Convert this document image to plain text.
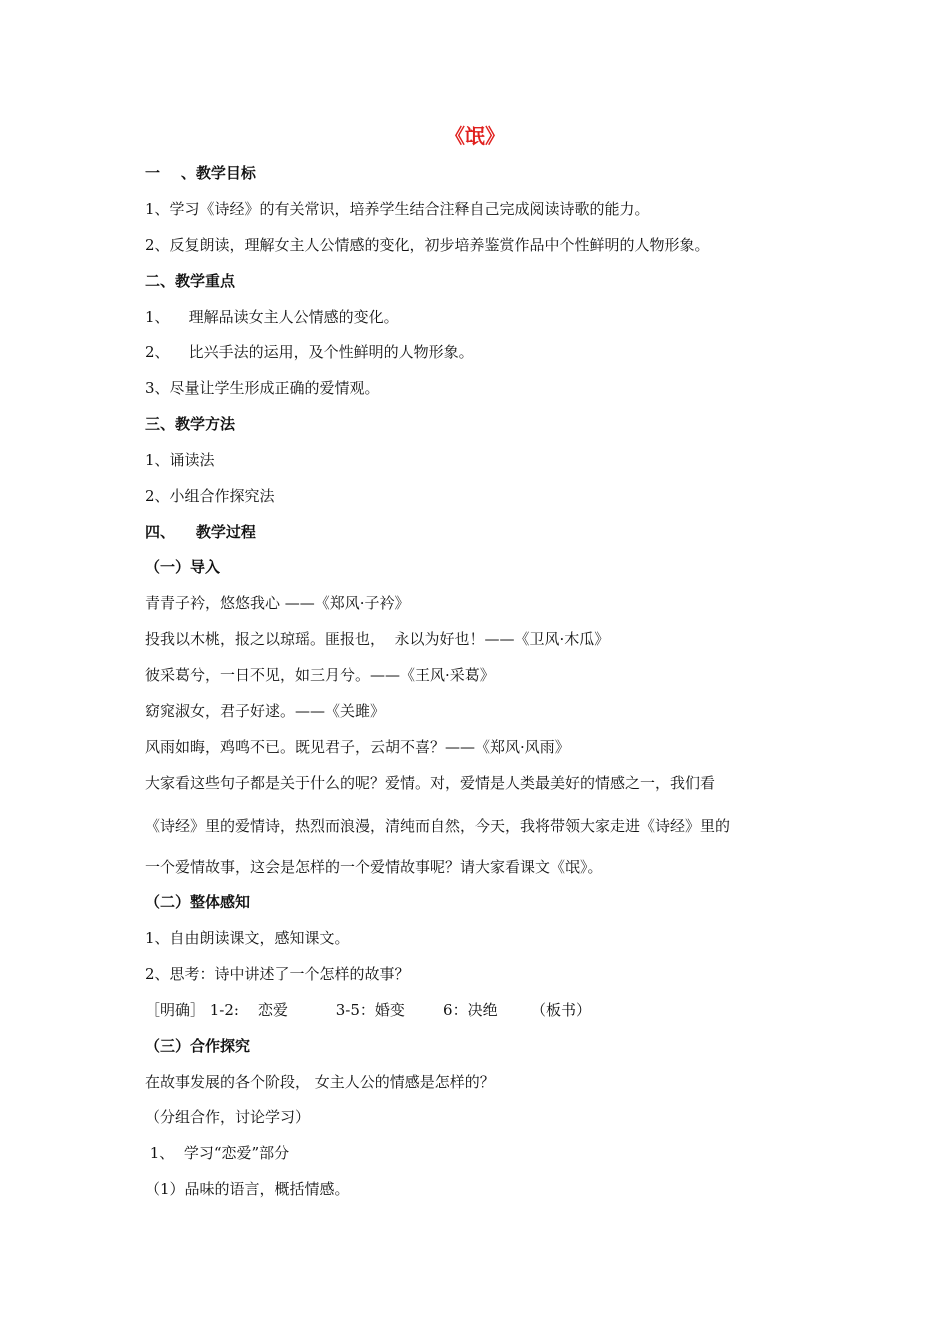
《氓》
一    、教学目标
1、学习《诗经》的有关常识，培养学生结合注释自己完成阅读诗歌的能力。
2、反复朗读，理解女主人公情感的变化，初步培养鉴赏作品中个性鲜明的人物形象。
二、教学重点
1、    理解品读女主人公情感的变化。
2、    比兴手法的运用，及个性鲜明的人物形象。
3、尽量让学生形成正确的爱情观。
三、教学方法
1、诵读法
2、小组合作探究法
四、    教学过程
（一）导入
青青子衿，悠悠我心 ——《郑风·子衿》
投我以木桃，报之以琼瑶。匪报也，  永以为好也！——《卫风·木瓜》
彼采葛兮，一日不见，如三月兮。——《王风·采葛》
窈窕淑女，君子好逑。——《关雎》
风雨如晦，鸡鸣不已。既见君子，云胡不喜？——《郑风·风雨》
大家看这些句子都是关于什么的呢？爱情。对，爱情是人类最美好的情感之一，我们看
《诗经》里的爱情诗，热烈而浪漫，清纯而自然，今天，我将带领大家走进《诗经》里的
一个爱情故事，这会是怎样的一个爱情故事呢？请大家看课文《氓》。
（二）整体感知
1、自由朗读课文，感知课文。
2、思考：诗中讲述了一个怎样的故事？
［明确］ 1-2:    恋爱          3-5：婚变        6：决绝       （板书）
（三）合作探究
在故事发展的各个阶段， 女主人公的情感是怎样的？
（分组合作，讨论学习）
1、  学习“恋爱”部分
（1）品味的语言，概括情感。
